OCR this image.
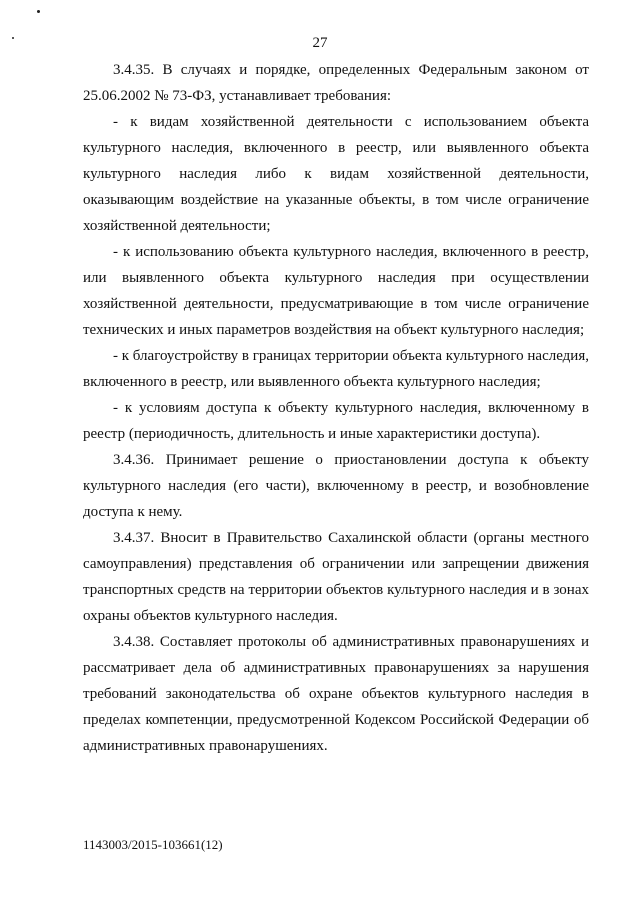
27

3.4.35. В случаях и порядке, определенных Федеральным законом от 25.06.2002 № 73-ФЗ, устанавливает требования:

- к видам хозяйственной деятельности с использованием объекта культурного наследия, включенного в реестр, или выявленного объекта культурного наследия либо к видам хозяйственной деятельности, оказывающим воздействие на указанные объекты, в том числе ограничение хозяйственной деятельности;

- к использованию объекта культурного наследия, включенного в реестр, или выявленного объекта культурного наследия при осуществлении хозяйственной деятельности, предусматривающие в том числе ограничение технических и иных параметров воздействия на объект культурного наследия;

- к благоустройству в границах территории объекта культурного наследия, включенного в реестр, или выявленного объекта культурного наследия;

- к условиям доступа к объекту культурного наследия, включенному в реестр (периодичность, длительность и иные характеристики доступа).

3.4.36. Принимает решение о приостановлении доступа к объекту культурного наследия (его части), включенному в реестр, и возобновление доступа к нему.

3.4.37. Вносит в Правительство Сахалинской области (органы местного самоуправления) представления об ограничении или запрещении движения транспортных средств на территории объектов культурного наследия и в зонах охраны объектов культурного наследия.

3.4.38. Составляет протоколы об административных правонарушениях и рассматривает дела об административных правонарушениях за нарушения требований законодательства об охране объектов культурного наследия в пределах компетенции, предусмотренной Кодексом Российской Федерации об административных правонарушениях.

1143003/2015-103661(12)
